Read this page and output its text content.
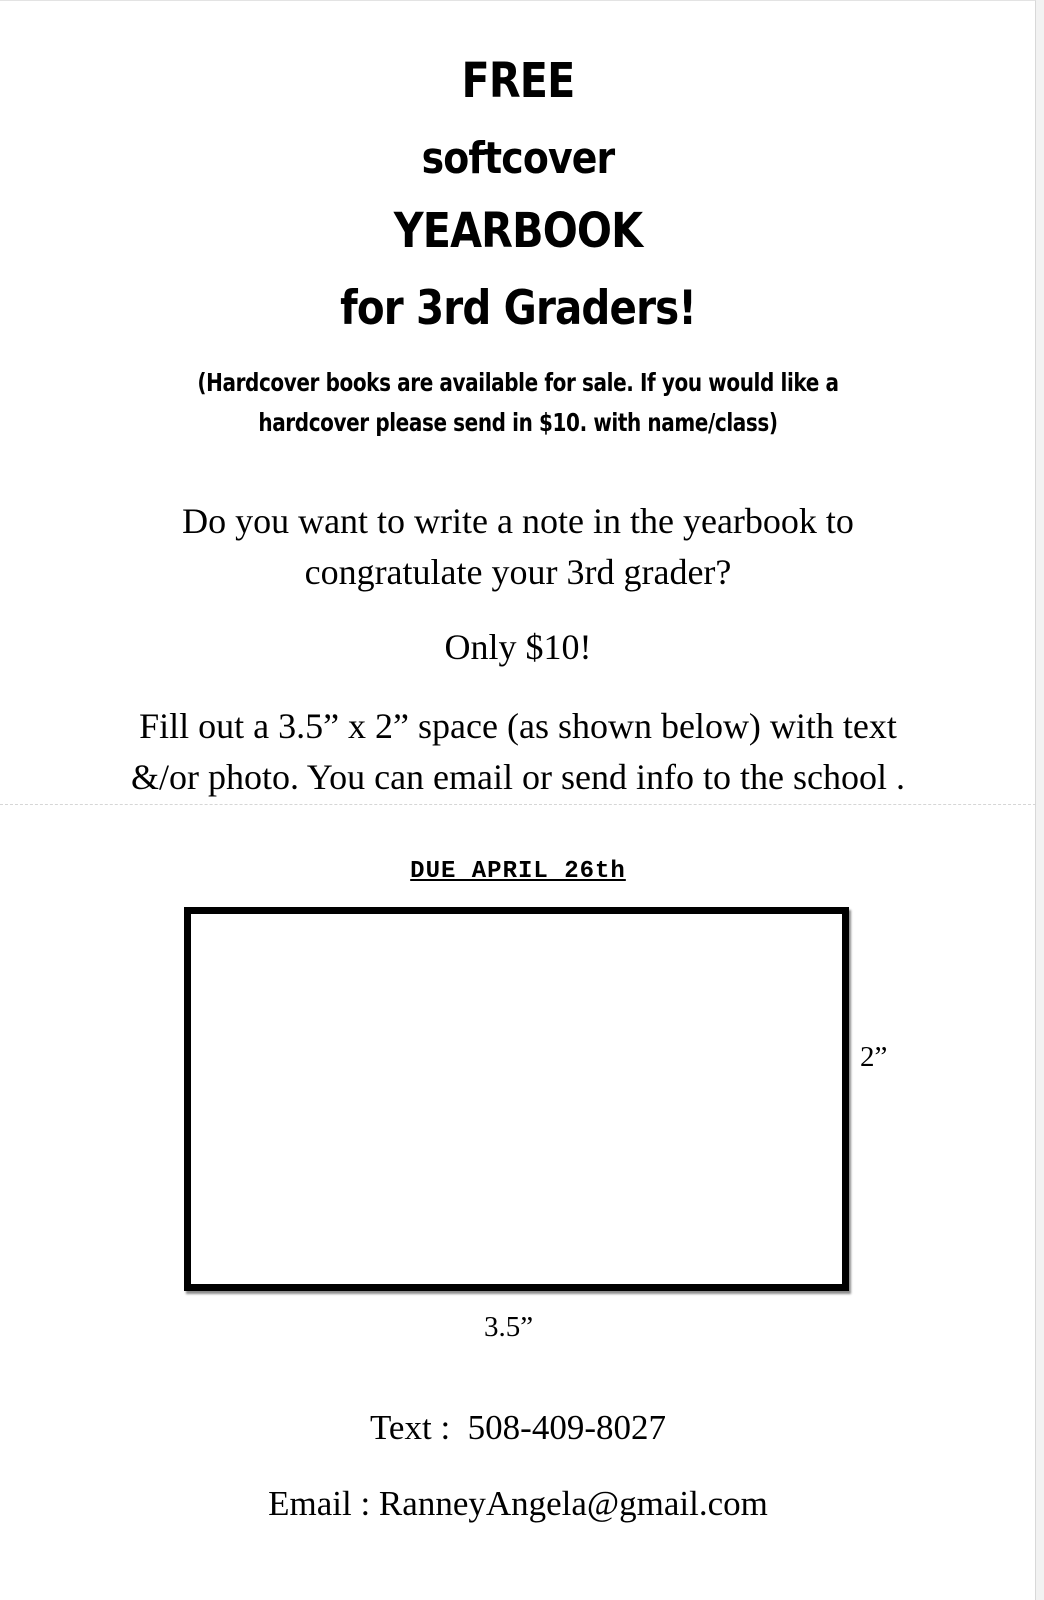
FREE
softcover
YEARBOOK
for 3rd Graders!
(Hardcover books are available for sale. If you would like a
hardcover please send in $10. with name/class)
Do you want to write a note in the yearbook to
congratulate your 3rd grader?
Only $10!
Fill out a 3.5” x 2” space (as shown below) with text
&/or photo. You can email or send info to the school .
DUE APRIL 26th
2”
3.5”
Text :  508-409-8027
Email : RanneyAngela@gmail.com
